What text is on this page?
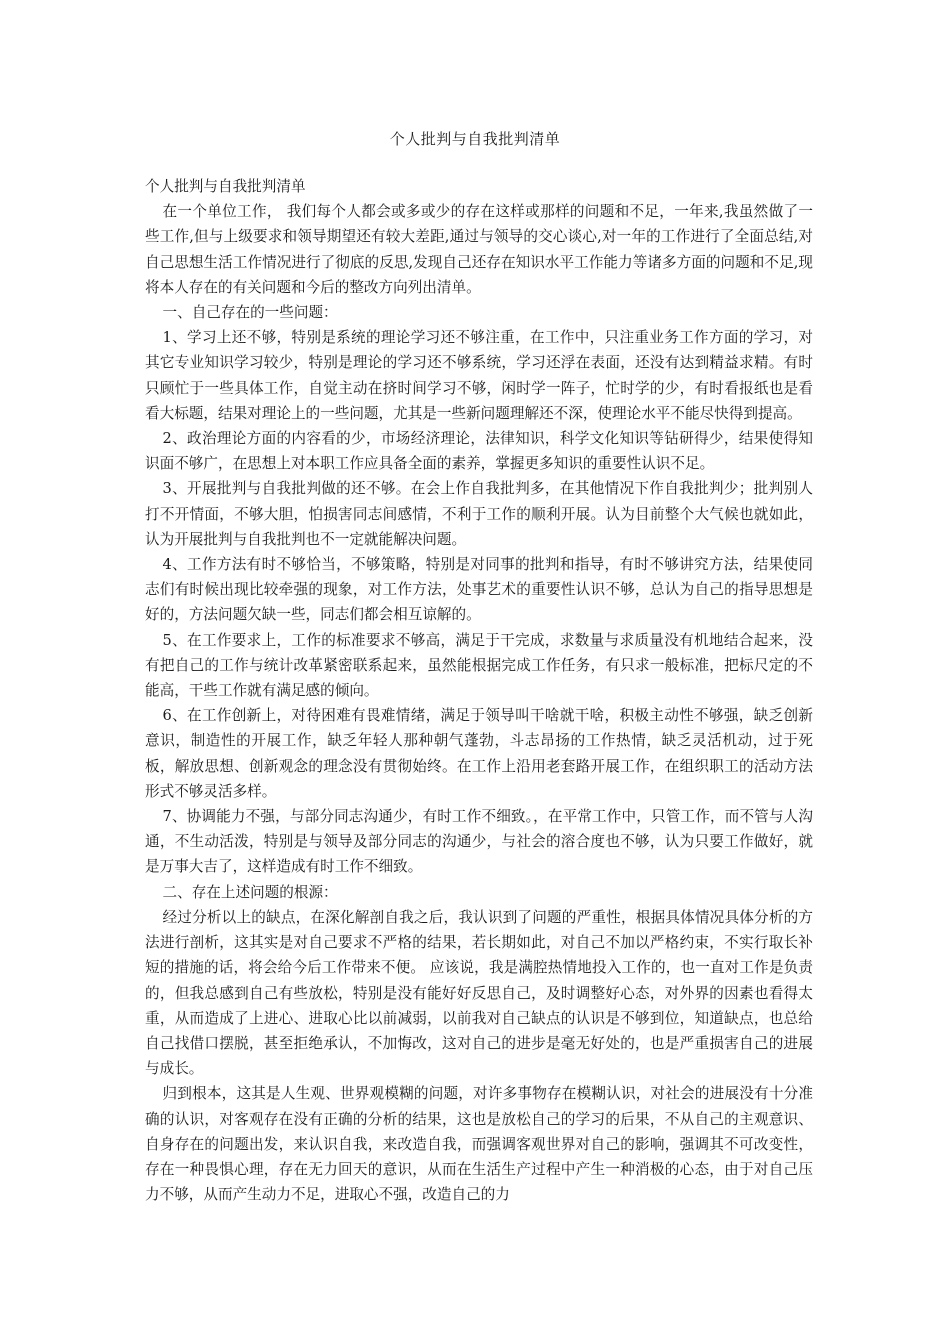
个人批判与自我批判清单

个人批判与自我批判清单

在一个单位工作， 我们每个人都会或多或少的存在这样或那样的问题和不足，一年来,我虽然做了一些工作,但与上级要求和领导期望还有较大差距,通过与领导的交心谈心,对一年的工作进行了全面总结,对自己思想生活工作情况进行了彻底的反思,发现自己还存在知识水平工作能力等诸多方面的问题和不足,现将本人存在的有关问题和今后的整改方向列出清单。

一、自己存在的一些问题：

1、学习上还不够，特别是系统的理论学习还不够注重，在工作中，只注重业务工作方面的学习，对其它专业知识学习较少，特别是理论的学习还不够系统，学习还浮在表面，还没有达到精益求精。有时只顾忙于一些具体工作，自觉主动在挤时间学习不够，闲时学一阵子，忙时学的少，有时看报纸也是看看大标题，结果对理论上的一些问题，尤其是一些新问题理解还不深，使理论水平不能尽快得到提高。

2、政治理论方面的内容看的少，市场经济理论，法律知识，科学文化知识等钻研得少，结果使得知识面不够广，在思想上对本职工作应具备全面的素养，掌握更多知识的重要性认识不足。

3、开展批判与自我批判做的还不够。在会上作自我批判多，在其他情况下作自我批判少；批判别人打不开情面，不够大胆，怕损害同志间感情，不利于工作的顺利开展。认为目前整个大气候也就如此，认为开展批判与自我批判也不一定就能解决问题。

4、工作方法有时不够恰当，不够策略，特别是对同事的批判和指导，有时不够讲究方法，结果使同志们有时候出现比较牵强的现象，对工作方法，处事艺术的重要性认识不够，总认为自己的指导思想是好的，方法问题欠缺一些，同志们都会相互谅解的。

5、在工作要求上，工作的标准要求不够高，满足于干完成，求数量与求质量没有机地结合起来，没有把自己的工作与统计改革紧密联系起来，虽然能根据完成工作任务，有只求一般标准，把标尺定的不能高，干些工作就有满足感的倾向。

6、在工作创新上，对待困难有畏难情绪，满足于领导叫干啥就干啥，积极主动性不够强，缺乏创新意识，制造性的开展工作，缺乏年轻人那种朝气蓬勃，斗志昂扬的工作热情，缺乏灵活机动，过于死板，解放思想、创新观念的理念没有贯彻始终。在工作上沿用老套路开展工作，在组织职工的活动方法形式不够灵活多样。

7、协调能力不强，与部分同志沟通少，有时工作不细致。，在平常工作中，只管工作，而不管与人沟通，不生动活泼，特别是与领导及部分同志的沟通少，与社会的溶合度也不够，认为只要工作做好，就是万事大吉了，这样造成有时工作不细致。

二、存在上述问题的根源：

经过分析以上的缺点，在深化解剖自我之后，我认识到了问题的严重性，根据具体情况具体分析的方法进行剖析，这其实是对自己要求不严格的结果，若长期如此，对自己不加以严格约束，不实行取长补短的措施的话，将会给今后工作带来不便。 应该说，我是满腔热情地投入工作的，也一直对工作是负责的，但我总感到自己有些放松，特别是没有能好好反思自己，及时调整好心态，对外界的因素也看得太重，从而造成了上进心、进取心比以前减弱，以前我对自己缺点的认识是不够到位，知道缺点，也总给自己找借口摆脱，甚至拒绝承认，不加悔改，这对自己的进步是毫无好处的，也是严重损害自己的进展与成长。

归到根本，这其是人生观、世界观模糊的问题，对许多事物存在模糊认识，对社会的进展没有十分准确的认识，对客观存在没有正确的分析的结果，这也是放松自己的学习的后果，不从自己的主观意识、自身存在的问题出发，来认识自我，来改造自我，而强调客观世界对自己的影响，强调其不可改变性，存在一种畏惧心理，存在无力回天的意识，从而在生活生产过程中产生一种消极的心态，由于对自己压力不够，从而产生动力不足，进取心不强，改造自己的力
